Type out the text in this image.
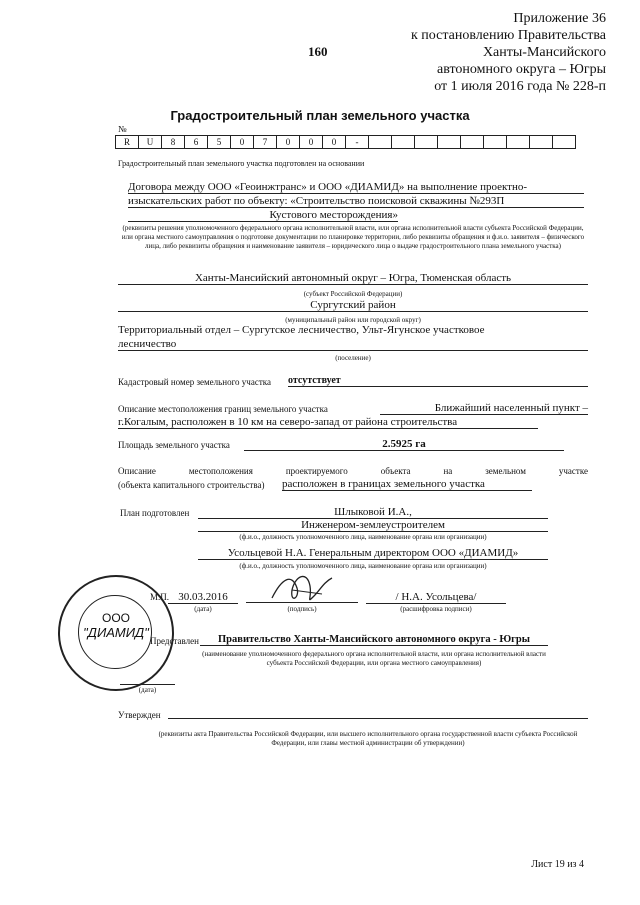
Приложение 36
к постановлению Правительства
Ханты-Мансийского
автономного округа – Югры
от 1 июля 2016 года № 228-п
160
Градостроительный план земельного участка
№
R	U	8	6	5	0	7	0	0	0	-
Градостроительный план земельного участка подготовлен на основании
Договора между ООО «Геоинжтранс» и ООО «ДИАМИД» на выполнение проектно-
изыскательских работ по объекту: «Строительство поисковой скважины №293П
Кустового месторождения»
(реквизиты решения уполномоченного федерального органа исполнительной власти, или органа исполнительной власти субъекта Российской Федерации, или органа местного самоуправления о подготовке документации по планировке территории, либо реквизиты обращения и ф.и.о. заявителя – физического лица, либо реквизиты обращения и наименование заявителя – юридического лица о выдаче градостроительного плана земельного участка)
Ханты-Мансийский автономный округ – Югра, Тюменская область
(субъект Российской Федерации)
Сургутский район
(муниципальный район или городской округ)
Территориальный отдел – Сургутское лесничество, Ульт-Ягунское участковое
лесничество
(поселение)
Кадастровый номер земельного участка отсутствует
Описание местоположения границ земельного участка	Ближайший населенный пункт –
г.Когалым, расположен в 10 км на северо-запад от района строительства
Площадь земельного участка	2.5925 га
Описание местоположения проектируемого объекта на земельном участке
(объекта капитального строительства) расположен в границах земельного участка
План подготовлен	Шлыковой И.А.,
Инженером-землеустроителем
(ф.и.о., должность уполномоченного лица, наименование органа или организации)
Усольцевой Н.А. Генеральным директором ООО «ДИАМИД»
(ф.и.о., должность уполномоченного лица, наименование органа или организации)
М.П. 30.03.2016
(дата)	(подпись)
/ Н.А. Усольцева/
(расшифровка подписи)
Представлен	Правительство Ханты-Мансийского автономного округа - Югры
(наименование уполномоченного федерального органа исполнительной власти, или органа исполнительной власти субъекта Российской Федерации, или органа местного самоуправления)
(дата)
Утвержден
(реквизиты акта Правительства Российской Федерации, или высшего исполнительного органа государственной власти субъекта Российской Федерации, или главы местной администрации об утверждении)
ООО
"ДИАМИД"
Лист 19 из 4
